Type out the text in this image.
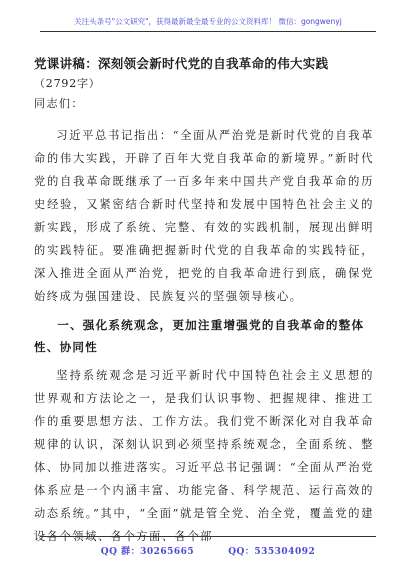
关注头条号"公文研究"，获得最新最全最专业的公文资料库！ 微信：gongwenyj

党课讲稿：深刻领会新时代党的自我革命的伟大实践

（2792字）

同志们：

习近平总书记指出：“全面从严治党是新时代党的自我革命的伟大实践，开辟了百年大党自我革命的新境界。”新时代党的自我革命既继承了一百多年来中国共产党自我革命的历史经验，又紧密结合新时代坚持和发展中国特色社会主义的新实践，形成了系统、完整、有效的实践机制，展现出鲜明的实践特征。要准确把握新时代党的自我革命的实践特征，深入推进全面从严治党，把党的自我革命进行到底，确保党始终成为强国建设、民族复兴的坚强领导核心。

一、强化系统观念，更加注重增强党的自我革命的整体性、协同性

坚持系统观念是习近平新时代中国特色社会主义思想的世界观和方法论之一，是我们认识事物、把握规律、推进工作的重要思想方法、工作方法。我们党不断深化对自我革命规律的认识，深刻认识到必须坚持系统观念，全面系统、整体、协同加以推进落实。习近平总书记强调：“全面从严治党体系应是一个内涵丰富、功能完备、科学规范、运行高效的动态系统。”其中，“全面”就是管全党、治全党，覆盖党的建设各个领域、各个方面、各个部

QQ 群：30265665	QQ：535304092
